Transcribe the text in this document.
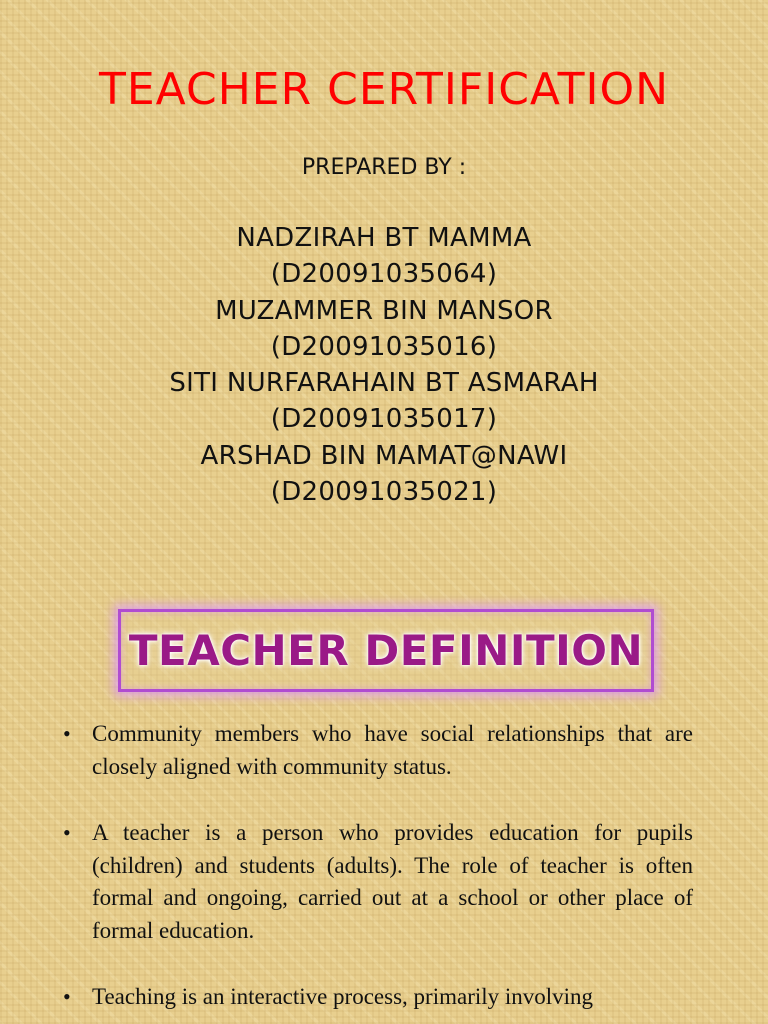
TEACHER CERTIFICATION
PREPARED BY :
NADZIRAH BT MAMMA
(D20091035064)
MUZAMMER BIN MANSOR
(D20091035016)
SITI NURFARAHAIN BT ASMARAH
(D20091035017)
ARSHAD BIN MAMAT@NAWI
(D20091035021)
TEACHER DEFINITION
• Community members who have social relationships that are closely aligned with community status.
• A teacher is a person who provides education for pupils (children) and students (adults). The role of teacher is often formal and ongoing, carried out at a school or other place of formal education.
• Teaching is an interactive process, primarily involving
